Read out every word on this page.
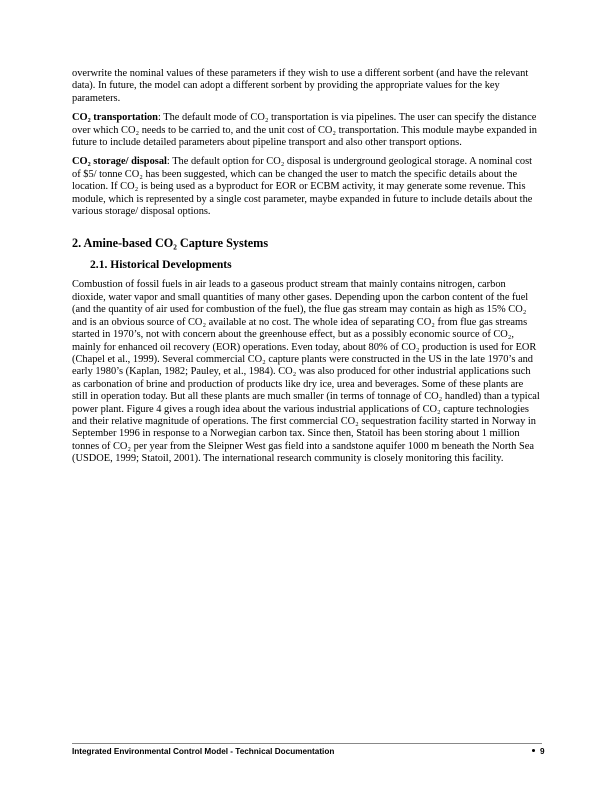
overwrite the nominal values of these parameters if they wish to use a different sorbent (and have the relevant data). In future, the model can adopt a different sorbent by providing the appropriate values for the key parameters.

CO₂ transportation: The default mode of CO₂ transportation is via pipelines. The user can specify the distance over which CO₂ needs to be carried to, and the unit cost of CO₂ transportation. This module maybe expanded in future to include detailed parameters about pipeline transport and also other transport options.

CO₂ storage/ disposal: The default option for CO₂ disposal is underground geological storage. A nominal cost of $5/ tonne CO₂ has been suggested, which can be changed the user to match the specific details about the location. If CO₂ is being used as a byproduct for EOR or ECBM activity, it may generate some revenue. This module, which is represented by a single cost parameter, maybe expanded in future to include details about the various storage/ disposal options.

2. Amine-based CO₂ Capture Systems
2.1. Historical Developments

Combustion of fossil fuels in air leads to a gaseous product stream that mainly contains nitrogen, carbon dioxide, water vapor and small quantities of many other gases. Depending upon the carbon content of the fuel (and the quantity of air used for combustion of the fuel), the flue gas stream may contain as high as 15% CO₂ and is an obvious source of CO₂ available at no cost. The whole idea of separating CO₂ from flue gas streams started in 1970’s, not with concern about the greenhouse effect, but as a possibly economic source of CO₂, mainly for enhanced oil recovery (EOR) operations. Even today, about 80% of CO₂ production is used for EOR (Chapel et al., 1999). Several commercial CO₂ capture plants were constructed in the US in the late 1970’s and early 1980’s (Kaplan, 1982; Pauley, et al., 1984). CO₂ was also produced for other industrial applications such as carbonation of brine and production of products like dry ice, urea and beverages. Some of these plants are still in operation today. But all these plants are much smaller (in terms of tonnage of CO₂ handled) than a typical power plant. Figure 4 gives a rough idea about the various industrial applications of CO₂ capture technologies and their relative magnitude of operations. The first commercial CO₂ sequestration facility started in Norway in September 1996 in response to a Norwegian carbon tax. Since then, Statoil has been storing about 1 million tonnes of CO₂ per year from the Sleipner West gas field into a sandstone aquifer 1000 m beneath the North Sea (USDOE, 1999; Statoil, 2001). The international research community is closely monitoring this facility.

Integrated Environmental Control Model - Technical Documentation	9
